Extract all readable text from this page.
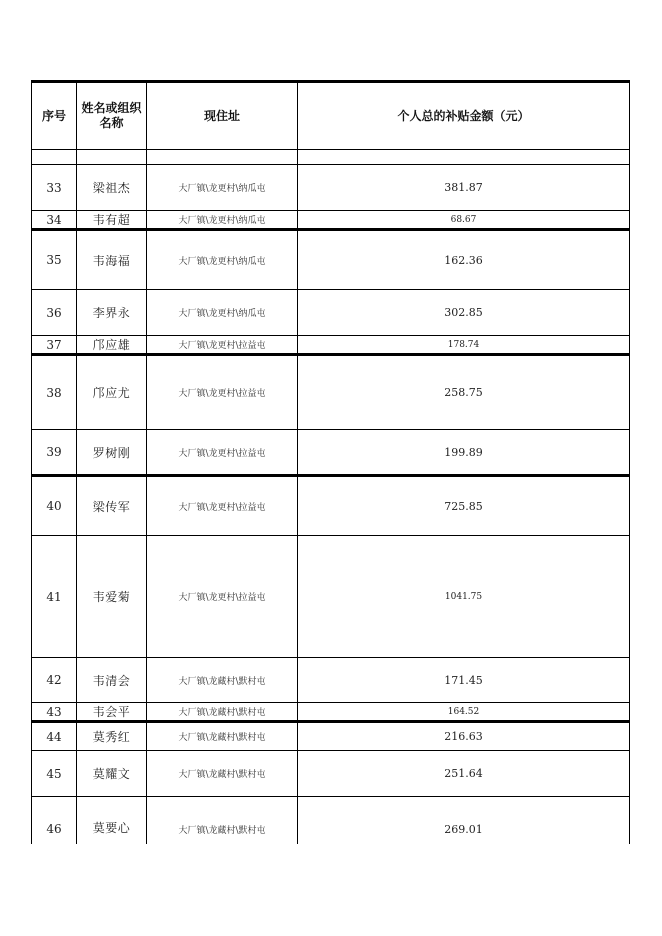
序号	姓名或组织名称	现住址	个人总的补贴金额（元）

33	梁祖杰	大厂镇\龙更村\纳瓜屯	381.87
34	韦有超	大厂镇\龙更村\纳瓜屯	68.67
35	韦海福	大厂镇\龙更村\纳瓜屯	162.36
36	李界永	大厂镇\龙更村\纳瓜屯	302.85
37	邝应雄	大厂镇\龙更村\拉益屯	178.74
38	邝应尤	大厂镇\龙更村\拉益屯	258.75
39	罗树刚	大厂镇\龙更村\拉益屯	199.89
40	梁传军	大厂镇\龙更村\拉益屯	725.85
41	韦爱菊	大厂镇\龙更村\拉益屯	1041.75
42	韦清会	大厂镇\龙藏村\默村屯	171.45
43	韦会平	大厂镇\龙藏村\默村屯	164.52
44	莫秀红	大厂镇\龙藏村\默村屯	216.63
45	莫耀文	大厂镇\龙藏村\默村屯	251.64
46	莫要心	大厂镇\龙藏村\默村屯	269.01
